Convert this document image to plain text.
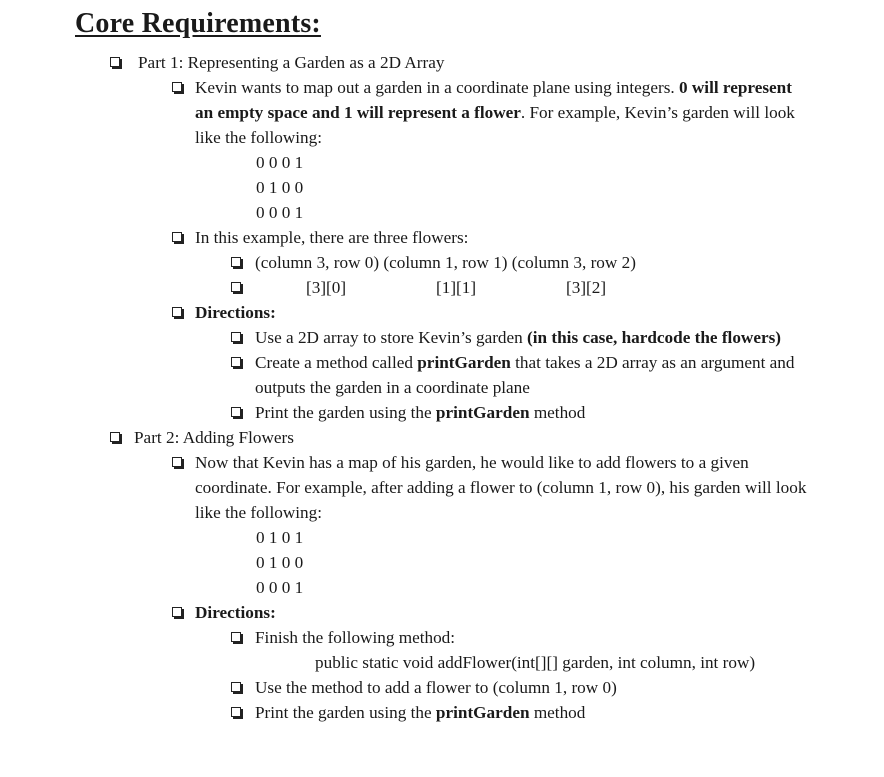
Core Requirements:
Part 1: Representing a Garden as a 2D Array
Kevin wants to map out a garden in a coordinate plane using integers. 0 will represent
an empty space and 1 will represent a flower. For example, Kevin’s garden will look
like the following:
0 0 0 1
0 1 0 0
0 0 0 1
In this example, there are three flowers:
(column 3, row 0) (column 1, row 1) (column 3, row 2)
[3][0]	[1][1]	[3][2]
Directions:
Use a 2D array to store Kevin’s garden (in this case, hardcode the flowers)
Create a method called printGarden that takes a 2D array as an argument and
outputs the garden in a coordinate plane
Print the garden using the printGarden method
Part 2: Adding Flowers
Now that Kevin has a map of his garden, he would like to add flowers to a given
coordinate. For example, after adding a flower to (column 1, row 0), his garden will look
like the following:
0 1 0 1
0 1 0 0
0 0 0 1
Directions:
Finish the following method:
public static void addFlower(int[][] garden, int column, int row)
Use the method to add a flower to (column 1, row 0)
Print the garden using the printGarden method
